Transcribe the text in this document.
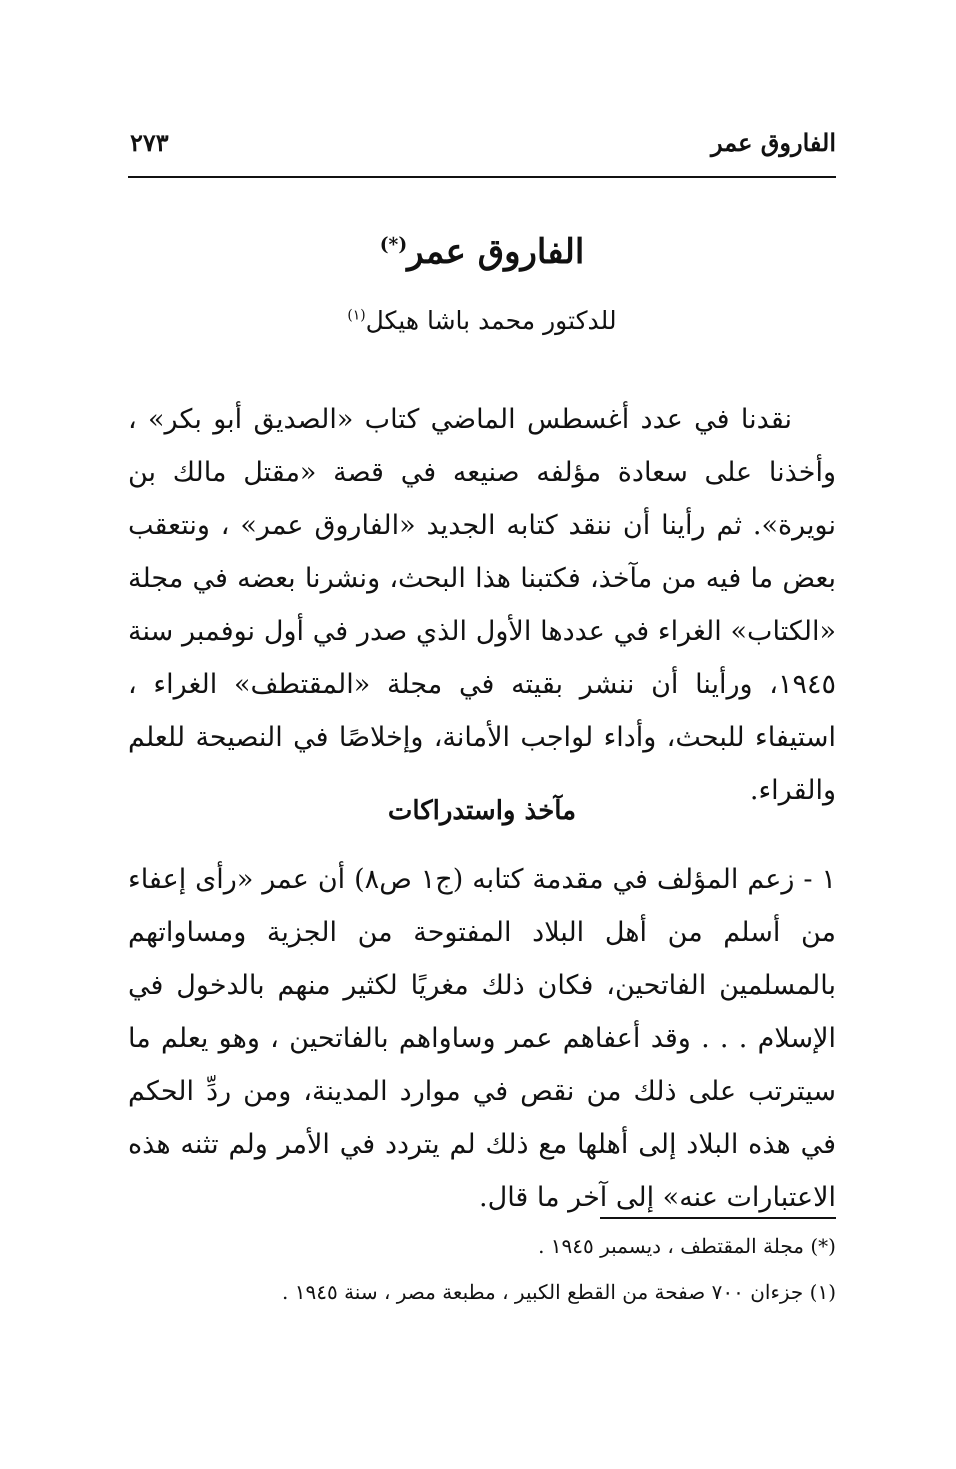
الفاروق عمر
٢٧٣
الفاروق عمر(*)
للدكتور محمد باشا هيكل$^{(١)}$

نقدنا في عدد أغسطس الماضي كتاب «الصديق أبو بكر» ، وأخذنا على سعادة مؤلفه صنيعه في قصة «مقتل مالك بن نويرة». ثم رأينا أن ننقد كتابه الجديد «الفاروق عمر» ، ونتعقب بعض ما فيه من مآخذ، فكتبنا هذا البحث، ونشرنا بعضه في مجلة «الكتاب» الغراء في عددها الأول الذي صدر في أول نوفمبر سنة ١٩٤٥، ورأينا أن ننشر بقيته في مجلة «المقتطف» الغراء ، استيفاء للبحث، وأداء لواجب الأمانة، وإخلاصًا في النصيحة للعلم والقراء.

مآخذ واستدراكات

١ - زعم المؤلف في مقدمة كتابه (ج١ ص٨) أن عمر «رأى إعفاء من أسلم من أهل البلاد المفتوحة من الجزية ومساواتهم بالمسلمين الفاتحين، فكان ذلك مغريًا لكثير منهم بالدخول في الإسلام . . . وقد أعفاهم عمر وساواهم بالفاتحين ، وهو يعلم ما سيترتب على ذلك من نقص في موارد المدينة، ومن ردِّ الحكم في هذه البلاد إلى أهلها مع ذلك لم يتردد في الأمر ولم تثنه هذه الاعتبارات عنه» إلى آخر ما قال.

(*) مجلة المقتطف ، ديسمبر ١٩٤٥ .

(١) جزءان ٧٠٠ صفحة من القطع الكبير ، مطبعة مصر ، سنة ١٩٤٥ .
